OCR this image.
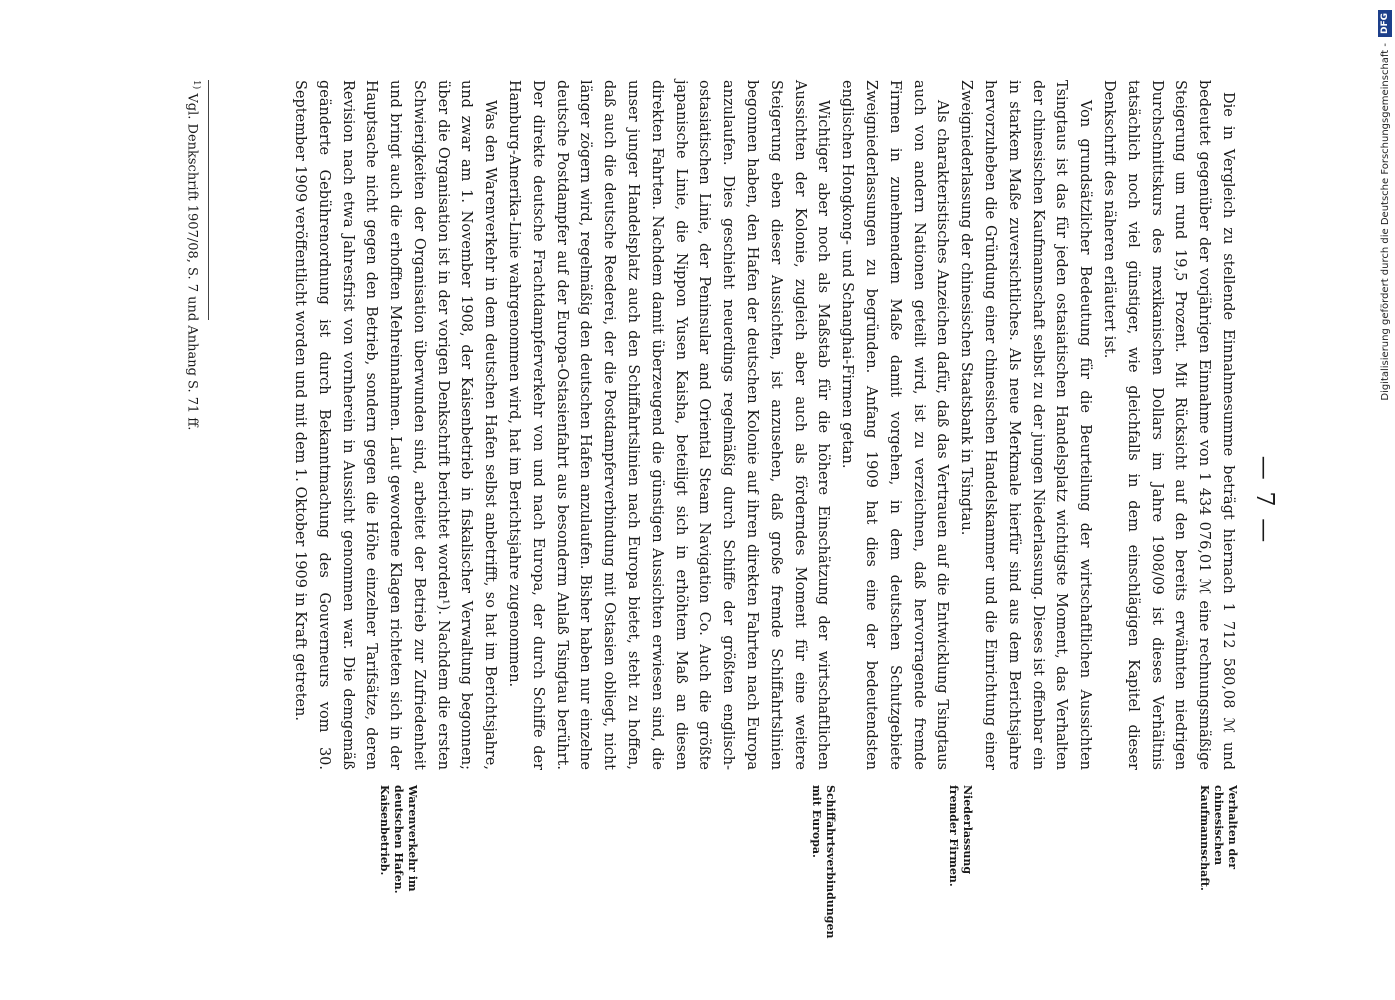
— 7 —

Die in Vergleich zu stellende Einnahmesumme beträgt hiernach 1 712 580,08 ℳ und bedeutet gegenüber der vorjährigen Einnahme von 1 434 076,01 ℳ eine rechnungsmäßige Steigerung um rund 19,5 Prozent. Mit Rücksicht auf den bereits erwähnten niedrigen Durchschnittskurs des mexikanischen Dollars im Jahre 1908/09 ist dieses Verhältnis tatsächlich noch viel günstiger, wie gleichfalls in dem einschlägigen Kapitel dieser Denkschrift des näheren erläutert ist.

Von grundsätzlicher Bedeutung für die Beurteilung der wirtschaftlichen Aussichten Tsingtaus ist das für jeden ostasiatischen Handelsplatz wichtigste Moment, das Verhalten der chinesischen Kaufmannschaft selbst zu der jungen Niederlassung. Dieses ist offenbar ein in starkem Maße zuversichtliches. Als neue Merkmale hierfür sind aus dem Berichtsjahre hervorzuheben die Gründung einer chinesischen Handelskammer und die Einrichtung einer Zweigniederlassung der chinesischen Staatsbank in Tsingtau.

Als charakteristisches Anzeichen dafür, daß das Vertrauen auf die Entwicklung Tsingtaus auch von andern Nationen geteilt wird, ist zu verzeichnen, daß hervorragende fremde Firmen in zunehmendem Maße damit vorgehen, in dem deutschen Schutzgebiete Zweigniederlassungen zu begründen. Anfang 1909 hat dies eine der bedeutendsten englischen Hongkong- und Schanghai-Firmen getan.

Wichtiger aber noch als Maßstab für die höhere Einschätzung der wirtschaftlichen Aussichten der Kolonie, zugleich aber auch als förderndes Moment für eine weitere Steigerung eben dieser Aussichten, ist anzusehen, daß große fremde Schiffahrtslinien begonnen haben, den Hafen der deutschen Kolonie auf ihren direkten Fahrten nach Europa anzulaufen. Dies geschieht neuerdings regelmäßig durch Schiffe der größten englisch-ostasiatischen Linie, der Peninsular and Oriental Steam Navigation Co. Auch die größte japanische Linie, die Nippon Yusen Kaisha, beteiligt sich in erhöhtem Maß an diesen direkten Fahrten. Nachdem damit überzeugend die günstigen Aussichten erwiesen sind, die unser junger Handelsplatz auch den Schiffahrtslinien nach Europa bietet, steht zu hoffen, daß auch die deutsche Reederei, der die Postdampferverbindung mit Ostasien obliegt, nicht länger zögern wird, regelmäßig den deutschen Hafen anzulaufen. Bisher haben nur einzelne deutsche Postdampfer auf der Europa-Ostasienfahrt aus besonderm Anlaß Tsingtau berührt. Der direkte deutsche Frachtdampferverkehr von und nach Europa, der durch Schiffe der Hamburg-Amerika-Linie wahrgenommen wird, hat im Berichtsjahre zugenommen.

Was den Warenverkehr in dem deutschen Hafen selbst anbetrifft, so hat im Berichtsjahre, und zwar am 1. November 1908, der Kaisenbetrieb in fiskalischer Verwaltung begonnen; über die Organisation ist in der vorigen Denkschrift berichtet worden¹). Nachdem die ersten Schwierigkeiten der Organisation überwunden sind, arbeitet der Betrieb zur Zufriedenheit und bringt auch die erhofften Mehreinnahmen. Laut gewordene Klagen richteten sich in der Hauptsache nicht gegen den Betrieb, sondern gegen die Höhe einzelner Tarifsätze, deren Revision nach etwa Jahresfrist von vornherein in Aussicht genommen war. Die demgemäß geänderte Gebührenordnung ist durch Bekanntmachung des Gouverneurs vom 30. September 1909 veröffentlicht worden und mit dem 1. Oktober 1909 in Kraft getreten.

Verhalten der chinesischen Kaufmannschaft.

Niederlassung fremder Firmen.

Schiffahrtsverbindungen mit Europa.

Warenverkehr im deutschen Hafen. Kaisenbetrieb.

$^{1)}$ Vgl. Denkschrift 1907/08, S. 7 und Anhang S. 71 ff.	Digitalisierung gefördert durch die Deutsche Forschungsgemeinschaft -
DFG
